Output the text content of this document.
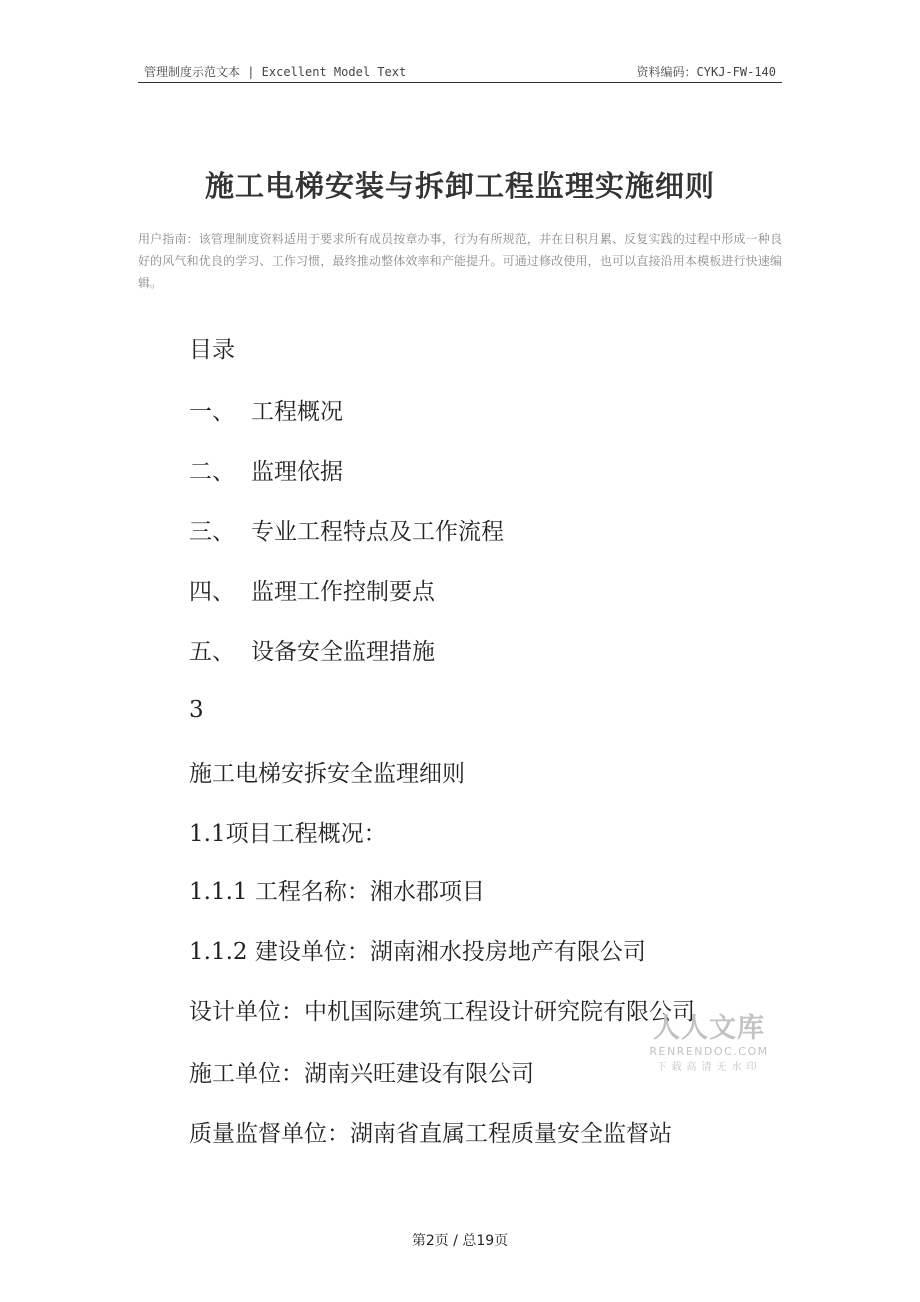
管理制度示范文本 | Excellent Model Text	资料编码：CYKJ-FW-140
施工电梯安装与拆卸工程监理实施细则
用户指南：该管理制度资料适用于要求所有成员按章办事，行为有所规范，并在日积月累、反复实践的过程中形成一种良好的风气和优良的学习、工作习惯，最终推动整体效率和产能提升。可通过修改使用，也可以直接沿用本模板进行快速编辑。
目录
一、 工程概况
二、 监理依据
三、 专业工程特点及工作流程
四、 监理工作控制要点
五、 设备安全监理措施
3
施工电梯安拆安全监理细则
1.1项目工程概况：
1.1.1 工程名称：湘水郡项目
1.1.2 建设单位：湖南湘水投房地产有限公司
设计单位：中机国际建筑工程设计研究院有限公司
施工单位：湖南兴旺建设有限公司
质量监督单位：湖南省直属工程质量安全监督站
人人文库
RENRENDOC.COM
下载高清无水印
第2页 / 总19页
